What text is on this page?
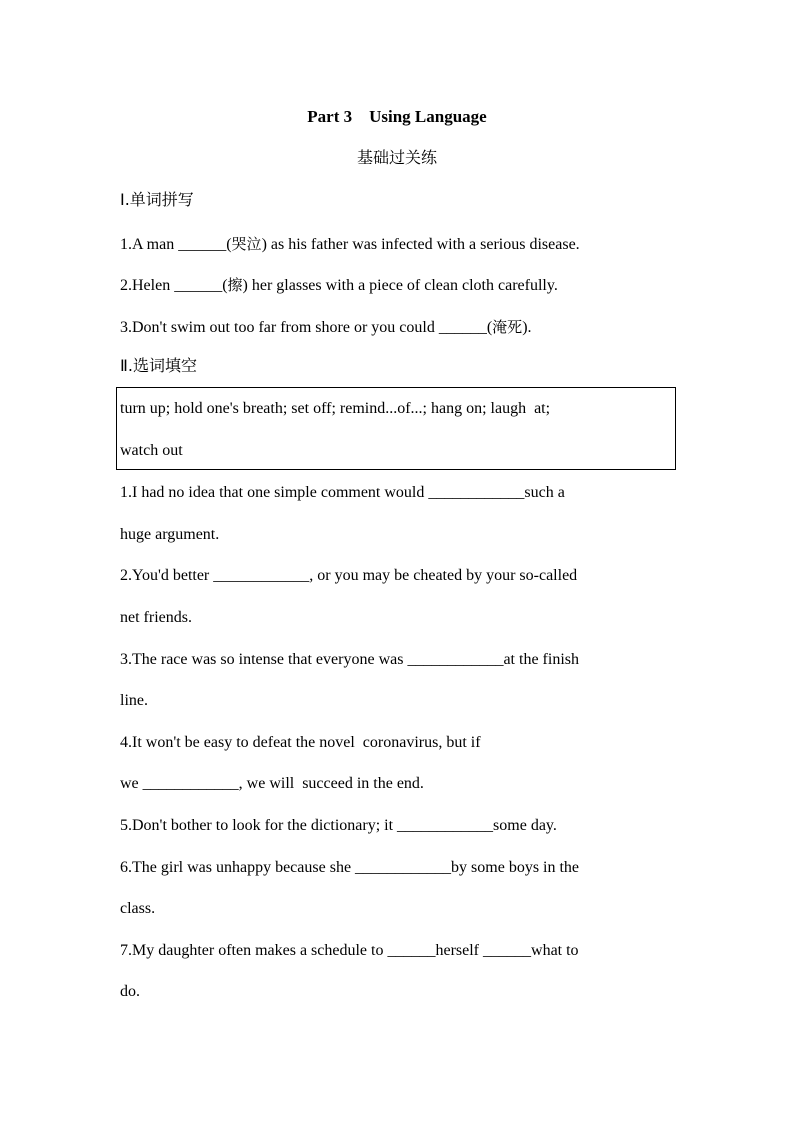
Part 3    Using Language
基础过关练
Ⅰ.单词拼写
1.A man ______(哭泣) as his father was infected with a serious disease.
2.Helen ______(擦) her glasses with a piece of clean cloth carefully.
3.Don't swim out too far from shore or you could ______(淹死).
Ⅱ.选词填空
turn up; hold one's breath; set off; remind...of...; hang on; laugh  at;
watch out
1.I had no idea that one simple comment would ____________such a
huge argument.
2.You'd better ____________, or you may be cheated by your so-called
net friends.
3.The race was so intense that everyone was ____________at the finish
line.
4.It won't be easy to defeat the novel  coronavirus, but if
we ____________, we will  succeed in the end.
5.Don't bother to look for the dictionary; it ____________some day.
6.The girl was unhappy because she ____________by some boys in the
class.
7.My daughter often makes a schedule to ______herself ______what to
do.
